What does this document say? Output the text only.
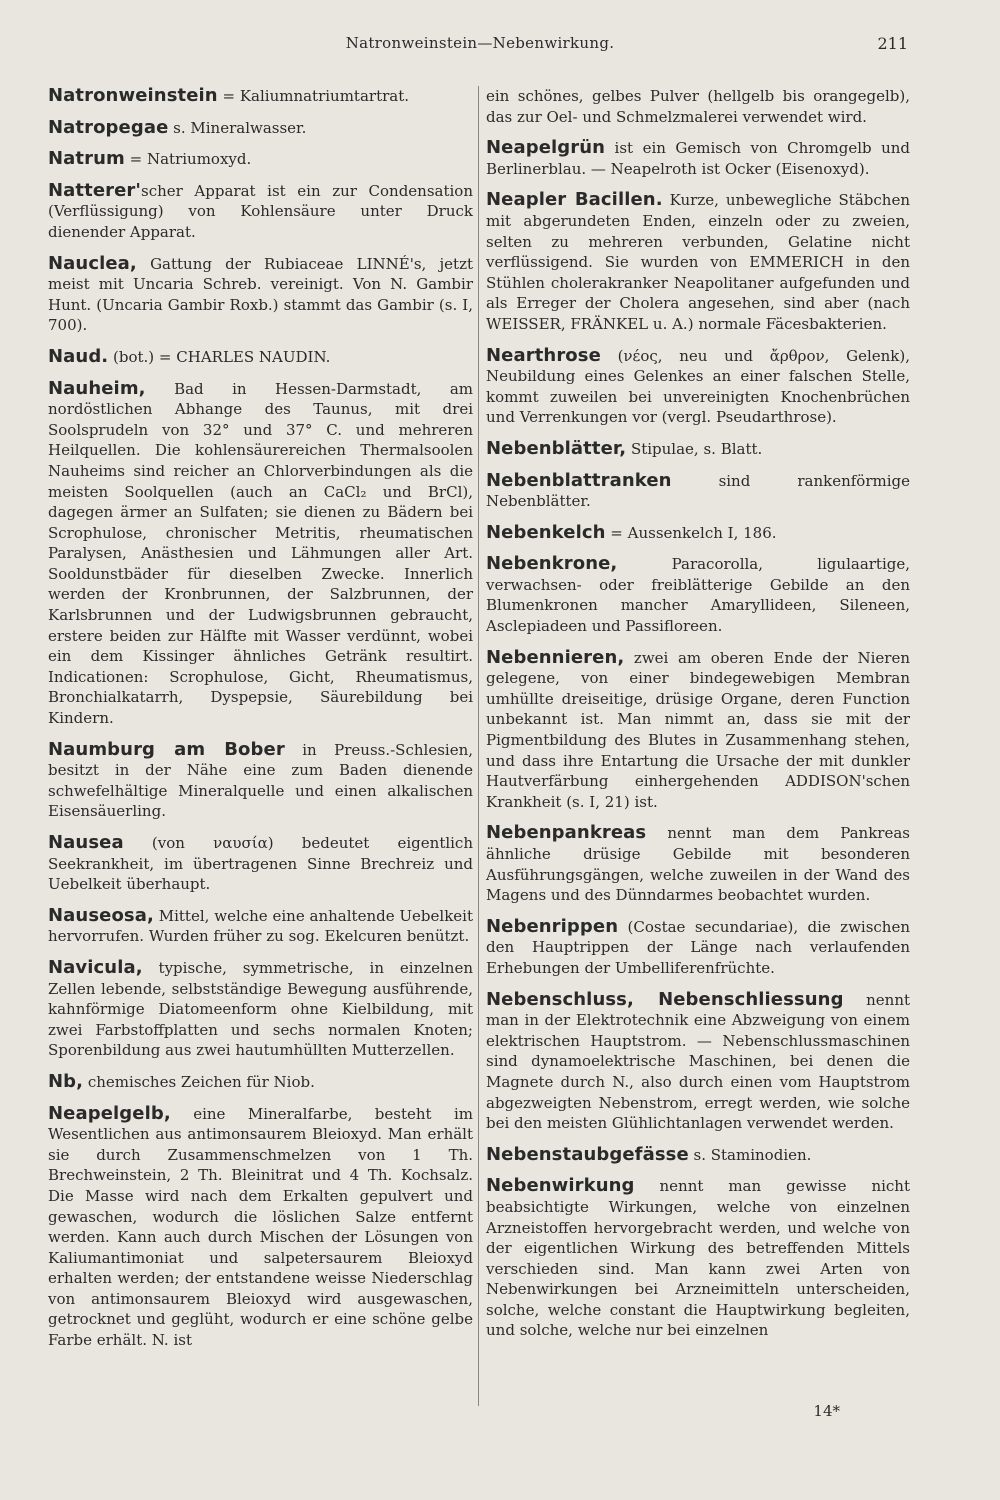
Natronweinstein—Nebenwirkung.	211

Natronweinstein = Kaliumnatriumtartrat.

Natropegae s. Mineralwasser.

Natrum = Natriumoxyd.

Natterer'scher Apparat ist ein zur Condensation (Verflüssigung) von Kohlensäure unter Druck dienender Apparat.

Nauclea, Gattung der Rubiaceae LINNÉ's, jetzt meist mit Uncaria Schreb. vereinigt. Von N. Gambir Hunt. (Uncaria Gambir Roxb.) stammt das Gambir (s. I, 700).

Naud. (bot.) = CHARLES NAUDIN.

Nauheim, Bad in Hessen-Darmstadt, am nordöstlichen Abhange des Taunus, mit drei Soolsprudeln von 32° und 37° C. und mehreren Heilquellen. Die kohlensäurereichen Thermalsoolen Nauheims sind reicher an Chlorverbindungen als die meisten Soolquellen (auch an CaCl₂ und BrCl), dagegen ärmer an Sulfaten; sie dienen zu Bädern bei Scrophulose, chronischer Metritis, rheumatischen Paralysen, Anästhesien und Lähmungen aller Art. Sooldunstbäder für dieselben Zwecke. Innerlich werden der Kronbrunnen, der Salzbrunnen, der Karlsbrunnen und der Ludwigsbrunnen gebraucht, erstere beiden zur Hälfte mit Wasser verdünnt, wobei ein dem Kissinger ähnliches Getränk resultirt. Indicationen: Scrophulose, Gicht, Rheumatismus, Bronchialkatarrh, Dyspepsie, Säurebildung bei Kindern.

Naumburg am Bober in Preuss.-Schlesien, besitzt in der Nähe eine zum Baden dienende schwefelhältige Mineralquelle und einen alkalischen Eisensäuerling.

Nausea (von ναυσία) bedeutet eigentlich Seekrankheit, im übertragenen Sinne Brechreiz und Uebelkeit überhaupt.

Nauseosa, Mittel, welche eine anhaltende Uebelkeit hervorrufen. Wurden früher zu sog. Ekelcuren benützt.

Navicula, typische, symmetrische, in einzelnen Zellen lebende, selbstständige Bewegung ausführende, kahnförmige Diatomeenform ohne Kielbildung, mit zwei Farbstoffplatten und sechs normalen Knoten; Sporenbildung aus zwei hautumhüllten Mutterzellen.

Nb, chemisches Zeichen für Niob.

Neapelgelb, eine Mineralfarbe, besteht im Wesentlichen aus antimonsaurem Bleioxyd. Man erhält sie durch Zusammenschmelzen von 1 Th. Brechweinstein, 2 Th. Bleinitrat und 4 Th. Kochsalz. Die Masse wird nach dem Erkalten gepulvert und gewaschen, wodurch die löslichen Salze entfernt werden. Kann auch durch Mischen der Lösungen von Kaliumantimoniat und salpetersaurem Bleioxyd erhalten werden; der entstandene weisse Niederschlag von antimonsaurem Bleioxyd wird ausgewaschen, getrocknet und geglüht, wodurch er eine schöne gelbe Farbe erhält. N. ist

ein schönes, gelbes Pulver (hellgelb bis orangegelb), das zur Oel- und Schmelzmalerei verwendet wird.

Neapelgrün ist ein Gemisch von Chromgelb und Berlinerblau. — Neapelroth ist Ocker (Eisenoxyd).

Neapler Bacillen. Kurze, unbewegliche Stäbchen mit abgerundeten Enden, einzeln oder zu zweien, selten zu mehreren verbunden, Gelatine nicht verflüssigend. Sie wurden von EMMERICH in den Stühlen cholerakranker Neapolitaner aufgefunden und als Erreger der Cholera angesehen, sind aber (nach WEISSER, FRÄNKEL u. A.) normale Fäcesbakterien.

Nearthrose (νέος, neu und ἄρθρον, Gelenk), Neubildung eines Gelenkes an einer falschen Stelle, kommt zuweilen bei unvereinigten Knochenbrüchen und Verrenkungen vor (vergl. Pseudarthrose).

Nebenblätter, Stipulae, s. Blatt.

Nebenblattranken sind rankenförmige Nebenblätter.

Nebenkelch = Aussenkelch I, 186.

Nebenkrone, Paracorolla, ligulaartige, verwachsen- oder freiblätterige Gebilde an den Blumenkronen mancher Amaryllideen, Sileneen, Asclepiadeen und Passifloreen.

Nebennieren, zwei am oberen Ende der Nieren gelegene, von einer bindegewebigen Membran umhüllte dreiseitige, drüsige Organe, deren Function unbekannt ist. Man nimmt an, dass sie mit der Pigmentbildung des Blutes in Zusammenhang stehen, und dass ihre Entartung die Ursache der mit dunkler Hautverfärbung einhergehenden ADDISON'schen Krankheit (s. I, 21) ist.

Nebenpankreas nennt man dem Pankreas ähnliche drüsige Gebilde mit besonderen Ausführungsgängen, welche zuweilen in der Wand des Magens und des Dünndarmes beobachtet wurden.

Nebenrippen (Costae secundariae), die zwischen den Hauptrippen der Länge nach verlaufenden Erhebungen der Umbelliferenfrüchte.

Nebenschluss, Nebenschliessung nennt man in der Elektrotechnik eine Abzweigung von einem elektrischen Hauptstrom. — Nebenschlussmaschinen sind dynamoelektrische Maschinen, bei denen die Magnete durch N., also durch einen vom Hauptstrom abgezweigten Nebenstrom, erregt werden, wie solche bei den meisten Glühlichtanlagen verwendet werden.

Nebenstaubgefässe s. Staminodien.

Nebenwirkung nennt man gewisse nicht beabsichtigte Wirkungen, welche von einzelnen Arzneistoffen hervorgebracht werden, und welche von der eigentlichen Wirkung des betreffenden Mittels verschieden sind. Man kann zwei Arten von Nebenwirkungen bei Arzneimitteln unterscheiden, solche, welche constant die Hauptwirkung begleiten, und solche, welche nur bei einzelnen

14*
